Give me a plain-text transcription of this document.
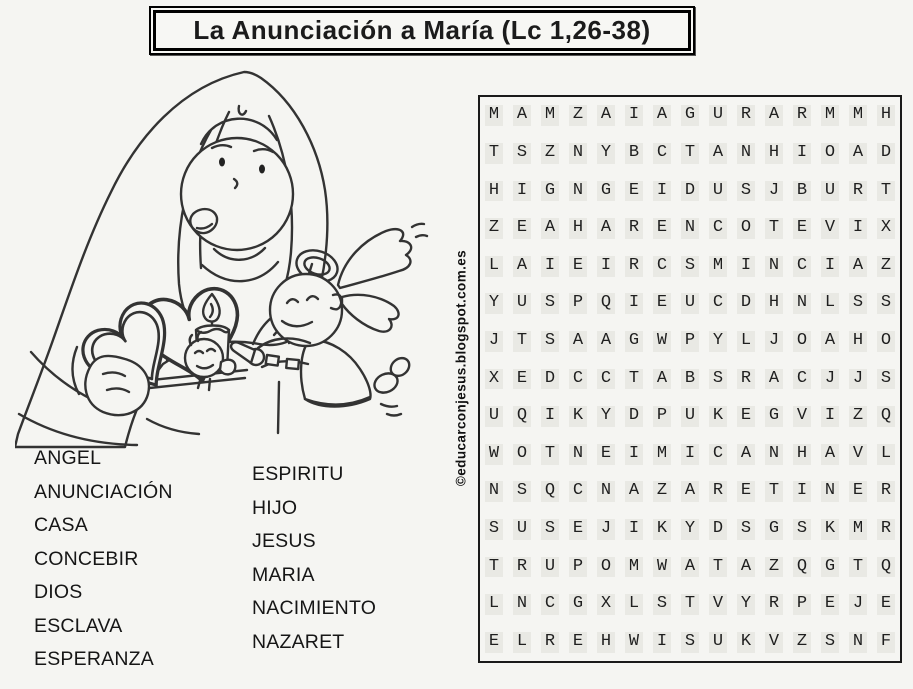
La Anunciación a María (Lc 1,26-38)
ANGEL
ANUNCIACIÓN
CASA
CONCEBIR
DIOS
ESCLAVA
ESPERANZA
ESPIRITU
HIJO
JESUS
MARIA
NACIMIENTO
NAZARET
©educarconjesus.blogspot.com.es
M A M Z A I A G U R A R M M H
T S Z N Y B C T A N H I O A D
H I G N G E I D U S J B U R T
Z E A H A R E N C O T E V I X
L A I E I R C S M I N C I A Z
Y U S P Q I E U C D H N L S S
J T S A A G W P Y L J O A H O
X E D C C T A B S R A C J J S
U Q I K Y D P U K E G V I Z Q
W O T N E I M I C A N H A V L
N S Q C N A Z A R E T I N E R
S U S E J I K Y D S G S K M R
T R U P O M W A T A Z Q G T Q
L N C G X L S T V Y R P E J E
E L R E H W I S U K V Z S N F
